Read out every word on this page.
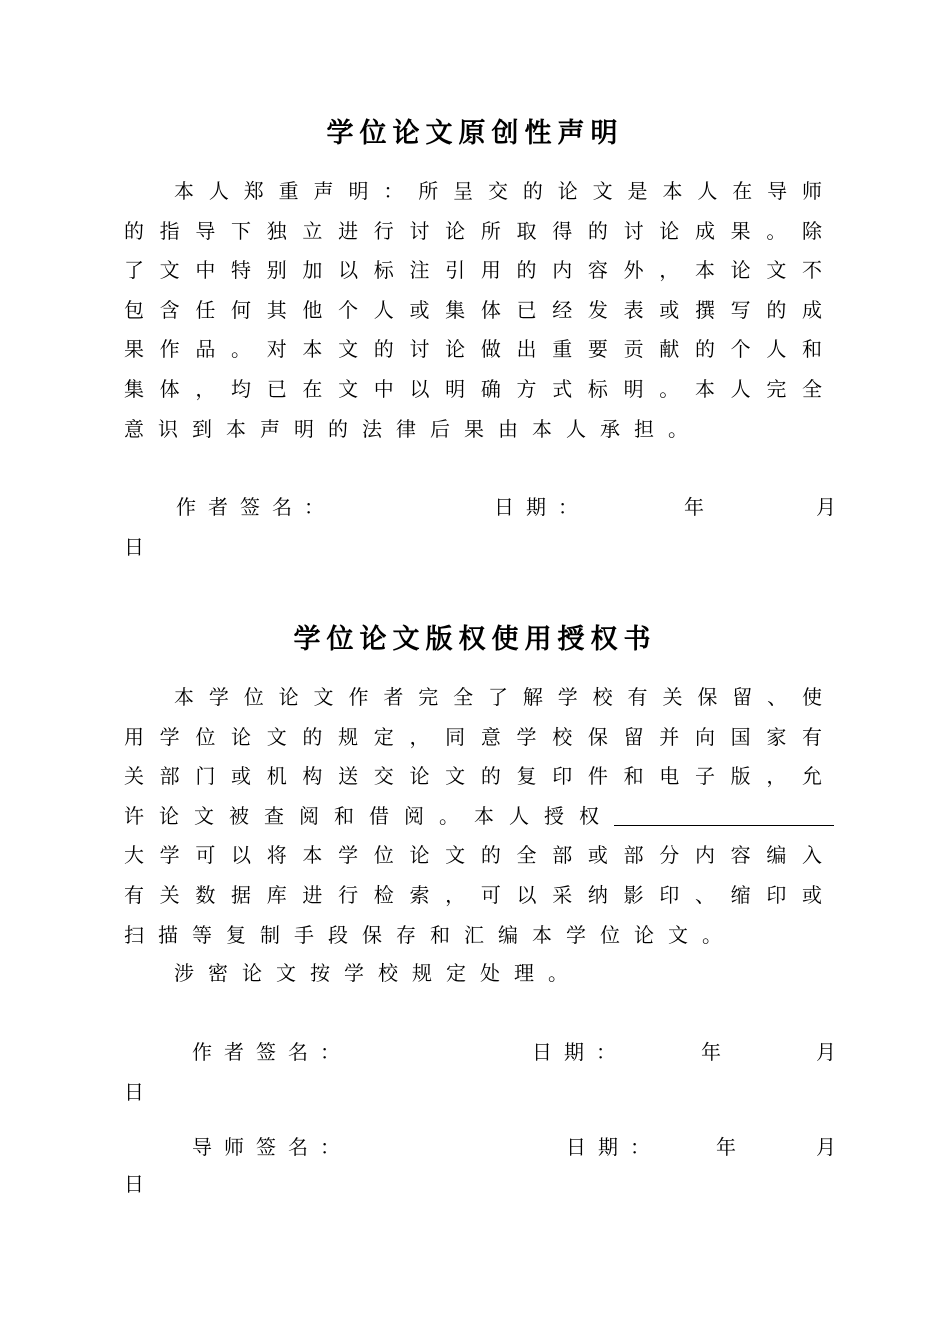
学位论文原创性声明

本人郑重声明：所呈交的论文是本人在导师的指导下独立进行讨论所取得的讨论成果。除了文中特别加以标注引用的内容外，本论文不包含任何其他个人或集体已经发表或撰写的成果作品。对本文的讨论做出重要贡献的个人和集体，均已在文中以明确方式标明。本人完全意识到本声明的法律后果由本人承担。

作者签名：	日期：	年	月
日
学位论文版权使用授权书

本学位论文作者完全了解学校有关保留、使用学位论文的规定，同意学校保留并向国家有关部门或机构送交论文的复印件和电子版，允许论文被查阅和借阅。本人授权大学可以将本学位论文的全部或部分内容编入有关数据库进行检索，可以采纳影印、缩印或扫描等复制手段保存和汇编本学位论文。

涉密论文按学校规定处理。

作者签名：	日期：	年	月
日
导师签名：	日期：	年	月
日
